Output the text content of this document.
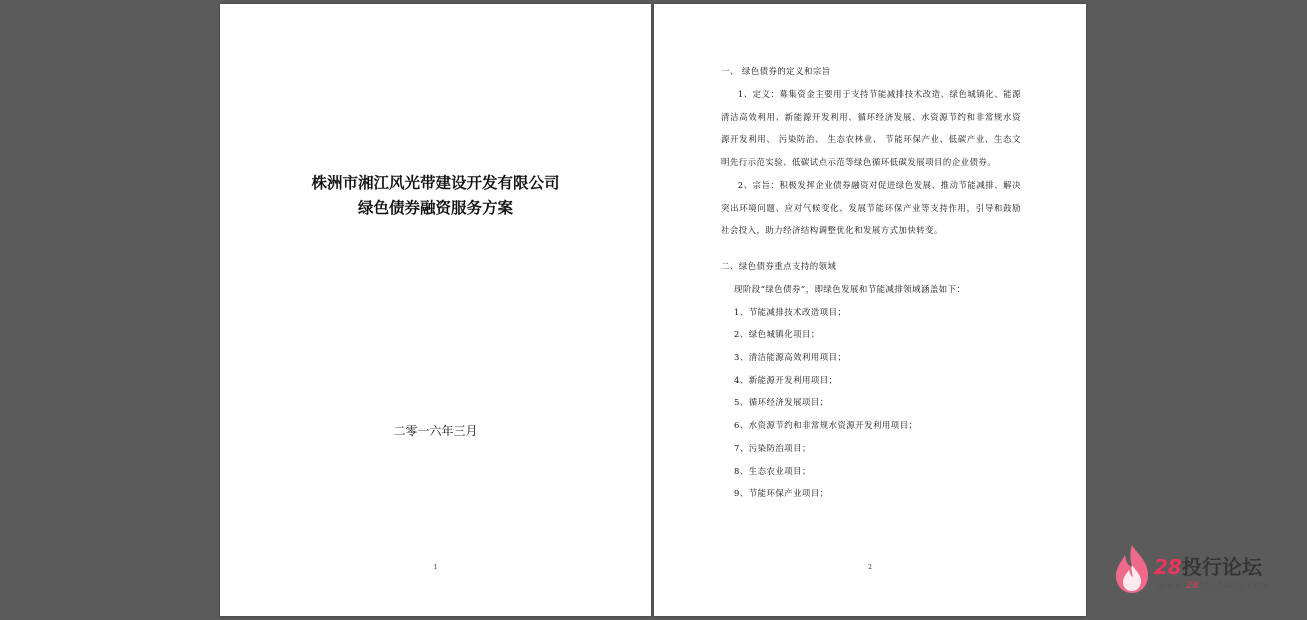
株洲市湘江风光带建设开发有限公司
绿色债券融资服务方案
二零一六年三月
1

一、 绿色债券的定义和宗旨

1、定义：募集资金主要用于支持节能减排技术改造、绿色城镇化、能源清洁高效利用、新能源开发利用、循环经济发展、水资源节约和非常规水资源开发利用、 污染防治、 生态农林业、 节能环保产业、低碳产业、生态文明先行示范实验、低碳试点示范等绿色循环低碳发展项目的企业债券。

2、宗旨：积极发挥企业债券融资对促进绿色发展、推动节能减排、解决突出环境问题、应对气候变化、发展节能环保产业等支持作用，引导和鼓励社会投入，助力经济结构调整优化和发展方式加快转变。

二、绿色债券重点支持的领域

现阶段“绿色债券”，即绿色发展和节能减排领域涵盖如下：

1、节能减排技术改造项目；

2、绿色城镇化项目；

3、清洁能源高效利用项目；

4、新能源开发利用项目；

5、循环经济发展项目；

6、水资源节约和非常规水资源开发利用项目；

7、污染防治项目；

8、生态农业项目；

9、节能环保产业项目；

2	28投行论坛
www.28touhang.com
